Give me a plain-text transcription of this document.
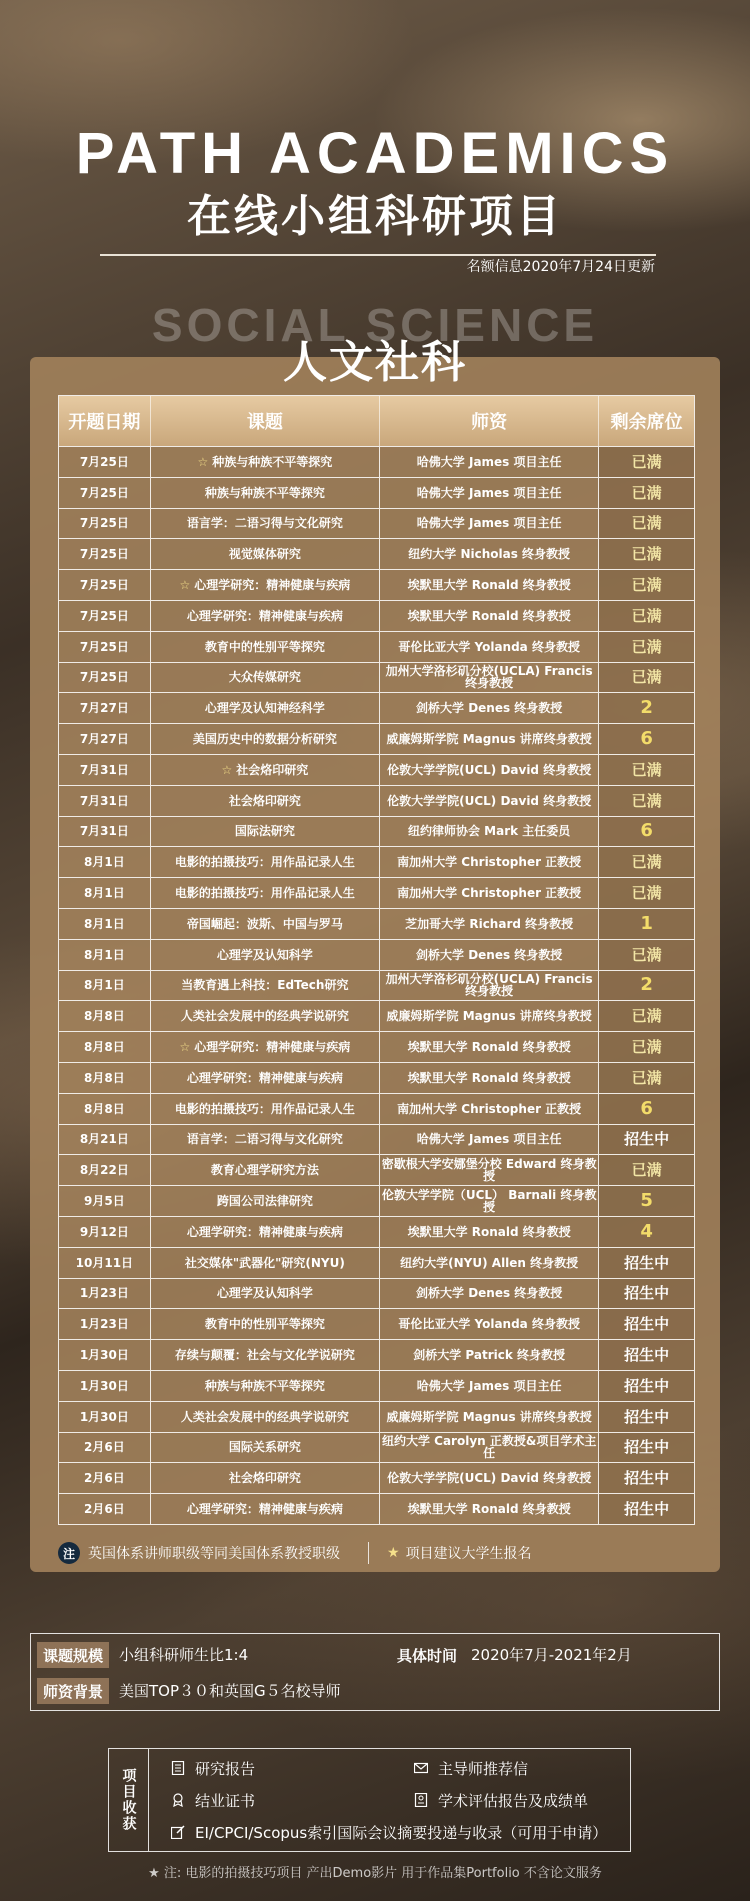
PATH ACADEMICS
在线小组科研项目
名额信息2020年7月24日更新
SOCIAL SCIENCE
人文社科
开题日期	课题	师资	剩余席位
7月25日	☆ 种族与种族不平等探究	哈佛大学 James 项目主任	已满
7月25日	种族与种族不平等探究	哈佛大学 James 项目主任	已满
7月25日	语言学：二语习得与文化研究	哈佛大学 James 项目主任	已满
7月25日	视觉媒体研究	纽约大学 Nicholas 终身教授	已满
7月25日	☆ 心理学研究：精神健康与疾病	埃默里大学 Ronald 终身教授	已满
7月25日	心理学研究：精神健康与疾病	埃默里大学 Ronald 终身教授	已满
7月25日	教育中的性别平等探究	哥伦比亚大学 Yolanda 终身教授	已满
7月25日	大众传媒研究	加州大学洛杉矶分校(UCLA) Francis 终身教授	已满
7月27日	心理学及认知神经科学	剑桥大学 Denes 终身教授	2
7月27日	美国历史中的数据分析研究	威廉姆斯学院 Magnus 讲席终身教授	6
7月31日	☆ 社会烙印研究	伦敦大学学院(UCL) David 终身教授	已满
7月31日	社会烙印研究	伦敦大学学院(UCL) David 终身教授	已满
7月31日	国际法研究	纽约律师协会 Mark 主任委员	6
8月1日	电影的拍摄技巧：用作品记录人生	南加州大学 Christopher 正教授	已满
8月1日	电影的拍摄技巧：用作品记录人生	南加州大学 Christopher 正教授	已满
8月1日	帝国崛起：波斯、中国与罗马	芝加哥大学 Richard 终身教授	1
8月1日	心理学及认知科学	剑桥大学 Denes 终身教授	已满
8月1日	当教育遇上科技：EdTech研究	加州大学洛杉矶分校(UCLA) Francis 终身教授	2
8月8日	人类社会发展中的经典学说研究	威廉姆斯学院 Magnus 讲席终身教授	已满
8月8日	☆ 心理学研究：精神健康与疾病	埃默里大学 Ronald 终身教授	已满
8月8日	心理学研究：精神健康与疾病	埃默里大学 Ronald 终身教授	已满
8月8日	电影的拍摄技巧：用作品记录人生	南加州大学 Christopher 正教授	6
8月21日	语言学：二语习得与文化研究	哈佛大学 James 项目主任	招生中
8月22日	教育心理学研究方法	密歇根大学安娜堡分校 Edward 终身教授	已满
9月5日	跨国公司法律研究	伦敦大学学院（UCL） Barnali 终身教授	5
9月12日	心理学研究：精神健康与疾病	埃默里大学 Ronald 终身教授	4
10月11日	社交媒体"武器化"研究(NYU)	纽约大学(NYU) Allen 终身教授	招生中
1月23日	心理学及认知科学	剑桥大学 Denes 终身教授	招生中
1月23日	教育中的性别平等探究	哥伦比亚大学 Yolanda 终身教授	招生中
1月30日	存续与颠覆：社会与文化学说研究	剑桥大学 Patrick 终身教授	招生中
1月30日	种族与种族不平等探究	哈佛大学 James 项目主任	招生中
1月30日	人类社会发展中的经典学说研究	威廉姆斯学院 Magnus 讲席终身教授	招生中
2月6日	国际关系研究	纽约大学 Carolyn 正教授&项目学术主任	招生中
2月6日	社会烙印研究	伦敦大学学院(UCL) David 终身教授	招生中
2月6日	心理学研究：精神健康与疾病	埃默里大学 Ronald 终身教授	招生中
注 英国体系讲师职级等同美国体系教授职级	★ 项目建议大学生报名
课题规模	小组科研师生比1:4	具体时间 2020年7月-2021年2月
师资背景	美国TOP３０和英国G５名校导师
项目收获	研究报告	主导师推荐信
结业证书	学术评估报告及成绩单
EI/CPCI/Scopus索引国际会议摘要投递与收录（可用于申请）
★ 注: 电影的拍摄技巧项目 产出Demo影片 用于作品集Portfolio 不含论文服务
